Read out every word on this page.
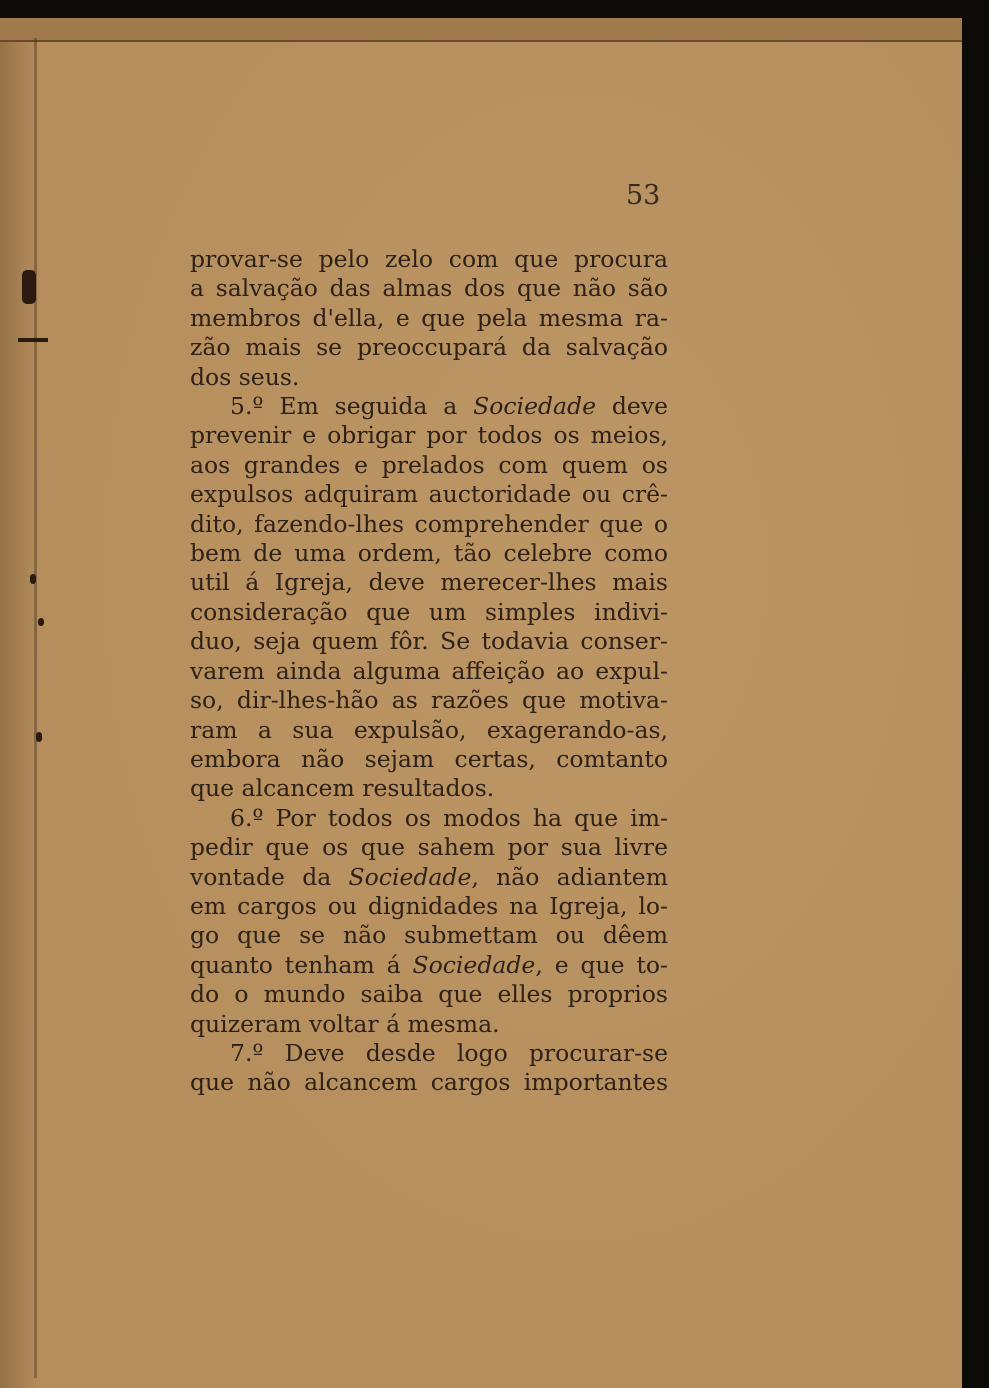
53

provar-se pelo zelo com que procura
a salvação das almas dos que não são
membros d'ella, e que pela mesma ra-
zão mais se preoccupará da salvação
dos seus.
5.º Em seguida a Sociedade deve
prevenir e obrigar por todos os meios,
aos grandes e prelados com quem os
expulsos adquiram auctoridade ou crê-
dito, fazendo-lhes comprehender que o
bem de uma ordem, tão celebre como
util á Igreja, deve merecer-lhes mais
consideração que um simples indivi-
duo, seja quem fôr. Se todavia conser-
varem ainda alguma affeição ao expul-
so, dir-lhes-hão as razões que motiva-
ram a sua expulsão, exagerando-as,
embora não sejam certas, comtanto
que alcancem resultados.
6.º Por todos os modos ha que im-
pedir que os que sahem por sua livre
vontade da Sociedade, não adiantem
em cargos ou dignidades na Igreja, lo-
go que se não submettam ou dêem
quanto tenham á Sociedade, e que to-
do o mundo saiba que elles proprios
quizeram voltar á mesma.
7.º Deve desde logo procurar-se
que não alcancem cargos importantes
